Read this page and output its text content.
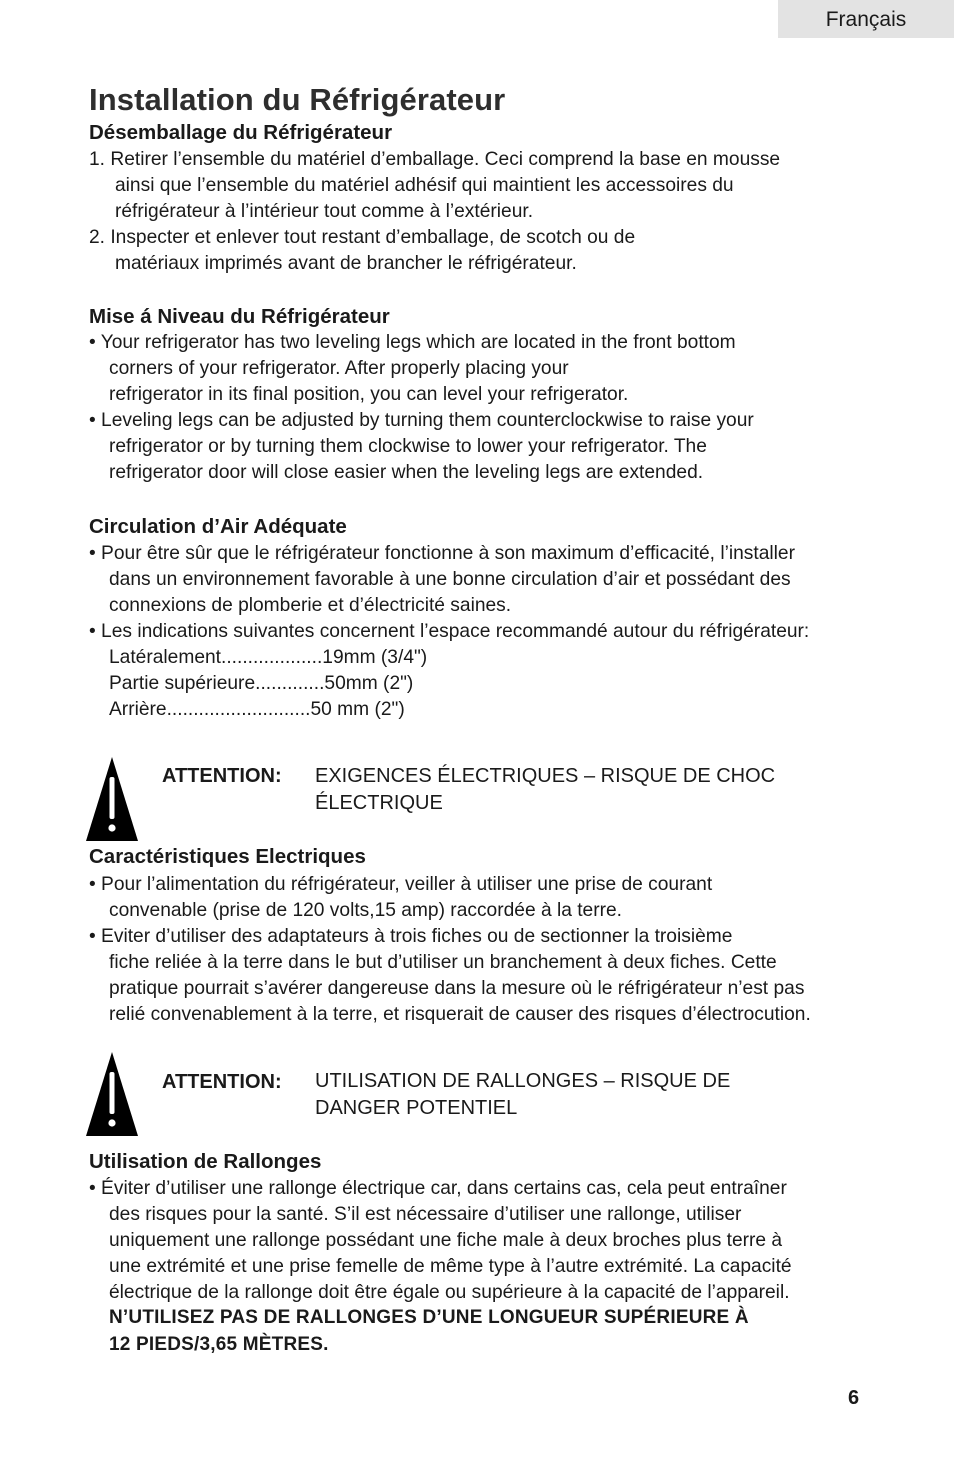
Français
Installation du Réfrigérateur
Désemballage du Réfrigérateur
1. Retirer l’ensemble du matériel d’emballage. Ceci comprend la base en mousse
ainsi que l’ensemble du matériel adhésif qui maintient les accessoires du
réfrigérateur à l’intérieur tout comme à l’extérieur.
2. Inspecter et enlever tout restant d’emballage, de scotch ou de
matériaux imprimés avant de brancher le réfrigérateur.
Mise á Niveau du Réfrigérateur
• Your refrigerator has two leveling legs which are located in the front bottom
corners of your refrigerator. After properly placing your
refrigerator in its final position, you can level your refrigerator.
• Leveling legs can be adjusted by turning them counterclockwise to raise your
refrigerator or by turning them clockwise to lower your refrigerator. The
refrigerator door will close easier when the leveling legs are extended.
Circulation d’Air Adéquate
• Pour être sûr que le réfrigérateur fonctionne à son maximum d’efficacité, l’installer
dans un environnement favorable à une bonne circulation d’air et possédant des
connexions de plomberie et d’électricité saines.
• Les indications suivantes concernent l’espace recommandé autour du réfrigérateur:
Latéralement...................19mm (3/4")
Partie supérieure.............50mm (2")
Arrière...........................50 mm (2")
ATTENTION: EXIGENCES ÉLECTRIQUES – RISQUE DE CHOC
ÉLECTRIQUE
Caractéristiques Electriques
• Pour l’alimentation du réfrigérateur, veiller à utiliser une prise de courant
convenable (prise de 120 volts,15 amp) raccordée à la terre.
• Eviter d’utiliser des adaptateurs à trois fiches ou de sectionner la troisième
fiche reliée à la terre dans le but d’utiliser un branchement à deux fiches. Cette
pratique pourrait s’avérer dangereuse dans la mesure où le réfrigérateur n’est pas
relié convenablement à la terre, et risquerait de causer des risques d’électrocution.
ATTENTION: UTILISATION DE RALLONGES – RISQUE DE
DANGER POTENTIEL
Utilisation de Rallonges
• Éviter d’utiliser une rallonge électrique car, dans certains cas, cela peut entraîner
des risques pour la santé. S’il est nécessaire d’utiliser une rallonge, utiliser
uniquement une rallonge possédant une fiche male à deux broches plus terre à
une extrémité et une prise femelle de même type à l’autre extrémité. La capacité
électrique de la rallonge doit être égale ou supérieure à la capacité de l’appareil.
N’UTILISEZ PAS DE RALLONGES D’UNE LONGUEUR SUPÉRIEURE À
12 PIEDS/3,65 MÈTRES.
6
